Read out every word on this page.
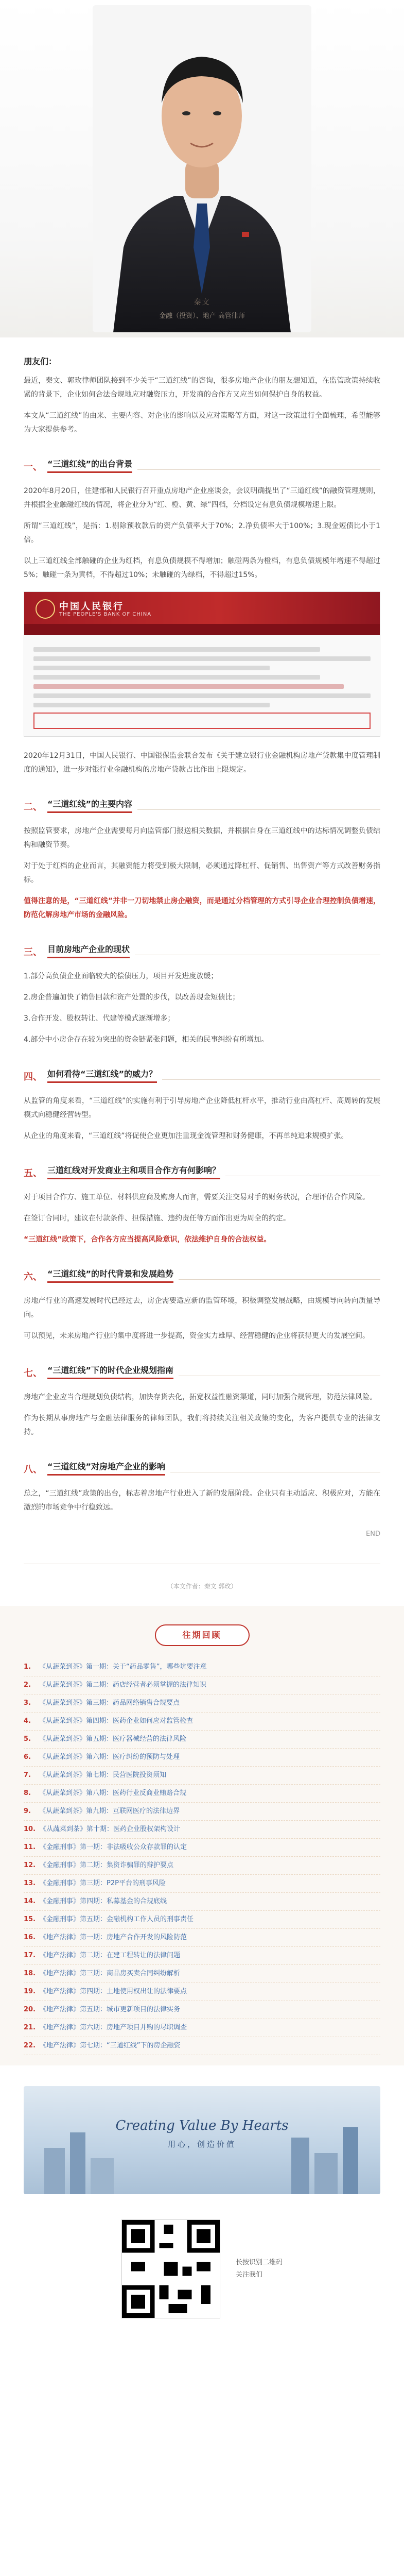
秦文
金融（投资）、地产 高管律师
朋友们：

最近，秦文、郭玫律师团队接到不少关于“三道红线”的咨询，很多房地产企业的朋友想知道，在监管政策持续收紧的背景下，企业如何合法合规地应对融资压力，开发商的合作方又应当如何保护自身的权益。

本文从“三道红线”的由来、主要内容、对企业的影响以及应对策略等方面，对这一政策进行全面梳理，希望能够为大家提供参考。

一、 “三道红线”的出台背景

2020年8月20日，住建部和人民银行召开重点房地产企业座谈会，会议明确提出了“三道红线”的融资管理规则，并根据企业触碰红线的情况，将企业分为“红、橙、黄、绿”四档，分档设定有息负债规模增速上限。

所谓“三道红线”，是指：1.剔除预收款后的资产负债率大于70%；2.净负债率大于100%；3.现金短债比小于1倍。

以上三道红线全部触碰的企业为红档，有息负债规模不得增加；触碰两条为橙档，有息负债规模年增速不得超过5%；触碰一条为黄档，不得超过10%；未触碰的为绿档，不得超过15%。

中国人民银行
THE PEOPLE'S BANK OF CHINA

2020年12月31日，中国人民银行、中国银保监会联合发布《关于建立银行业金融机构房地产贷款集中度管理制度的通知》，进一步对银行业金融机构的房地产贷款占比作出上限规定。

二、 “三道红线”的主要内容

按照监管要求，房地产企业需要每月向监管部门报送相关数据，并根据自身在三道红线中的达标情况调整负债结构和融资节奏。

对于处于红档的企业而言，其融资能力将受到极大限制，必须通过降杠杆、促销售、出售资产等方式改善财务指标。

值得注意的是，“三道红线”并非一刀切地禁止房企融资，而是通过分档管理的方式引导企业合理控制负债增速，防范化解房地产市场的金融风险。

三、 目前房地产企业的现状

1.部分高负债企业面临较大的偿债压力，项目开发进度放缓；

2.房企普遍加快了销售回款和资产处置的步伐，以改善现金短债比；

3.合作开发、股权转让、代建等模式逐渐增多；

4.部分中小房企存在较为突出的资金链紧张问题，相关的民事纠纷有所增加。

四、 如何看待“三道红线”的威力？

从监管的角度来看，“三道红线”的实施有利于引导房地产企业降低杠杆水平，推动行业由高杠杆、高周转的发展模式向稳健经营转型。

从企业的角度来看，“三道红线”将促使企业更加注重现金流管理和财务健康，不再单纯追求规模扩张。

五、 三道红线对开发商业主和项目合作方有何影响？

对于项目合作方、施工单位、材料供应商及购房人而言，需要关注交易对手的财务状况，合理评估合作风险。

在签订合同时，建议在付款条件、担保措施、违约责任等方面作出更为周全的约定。

“三道红线”政策下，合作各方应当提高风险意识，依法维护自身的合法权益。

六、 “三道红线”的时代背景和发展趋势

房地产行业的高速发展时代已经过去，房企需要适应新的监管环境，积极调整发展战略，由规模导向转向质量导向。

可以预见，未来房地产行业的集中度将进一步提高，资金实力雄厚、经营稳健的企业将获得更大的发展空间。

七、 “三道红线”下的时代企业规划指南

房地产企业应当合理规划负债结构，加快存货去化，拓宽权益性融资渠道，同时加强合规管理，防范法律风险。

作为长期从事房地产与金融法律服务的律师团队，我们将持续关注相关政策的变化，为客户提供专业的法律支持。

八、 “三道红线”对房地产企业的影响

总之，“三道红线”政策的出台，标志着房地产行业进入了新的发展阶段。企业只有主动适应、积极应对，方能在激烈的市场竞争中行稳致远。

END
（本文作者：秦文 郭玫）
往期回顾
1.	《从蔬菜到茶》第一期：关于“药品零售”，哪些坑要注意
2.	《从蔬菜到茶》第二期：药店经营者必须掌握的法律知识
3.	《从蔬菜到茶》第三期：药品网络销售合规要点
4.	《从蔬菜到茶》第四期：医药企业如何应对监管检查
5.	《从蔬菜到茶》第五期：医疗器械经营的法律风险
6.	《从蔬菜到茶》第六期：医疗纠纷的预防与处理
7.	《从蔬菜到茶》第七期：民营医院投资须知
8.	《从蔬菜到茶》第八期：医药行业反商业贿赂合规
9.	《从蔬菜到茶》第九期：互联网医疗的法律边界
10. 《从蔬菜到茶》第十期：医药企业股权架构设计
11. 《金融刑事》第一期：非法吸收公众存款罪的认定
12. 《金融刑事》第二期：集资诈骗罪的辩护要点
13. 《金融刑事》第三期：P2P平台的刑事风险
14. 《金融刑事》第四期：私募基金的合规底线
15. 《金融刑事》第五期：金融机构工作人员的刑事责任
16. 《地产法律》第一期：房地产合作开发的风险防范
17. 《地产法律》第二期：在建工程转让的法律问题
18. 《地产法律》第三期：商品房买卖合同纠纷解析
19. 《地产法律》第四期：土地使用权出让的法律要点
20. 《地产法律》第五期：城市更新项目的法律实务
21. 《地产法律》第六期：房地产项目并购的尽职调查
22. 《地产法律》第七期：“三道红线”下的房企融资
Creating Value By Hearts
用心，创造价值
长按识别二维码
关注我们
